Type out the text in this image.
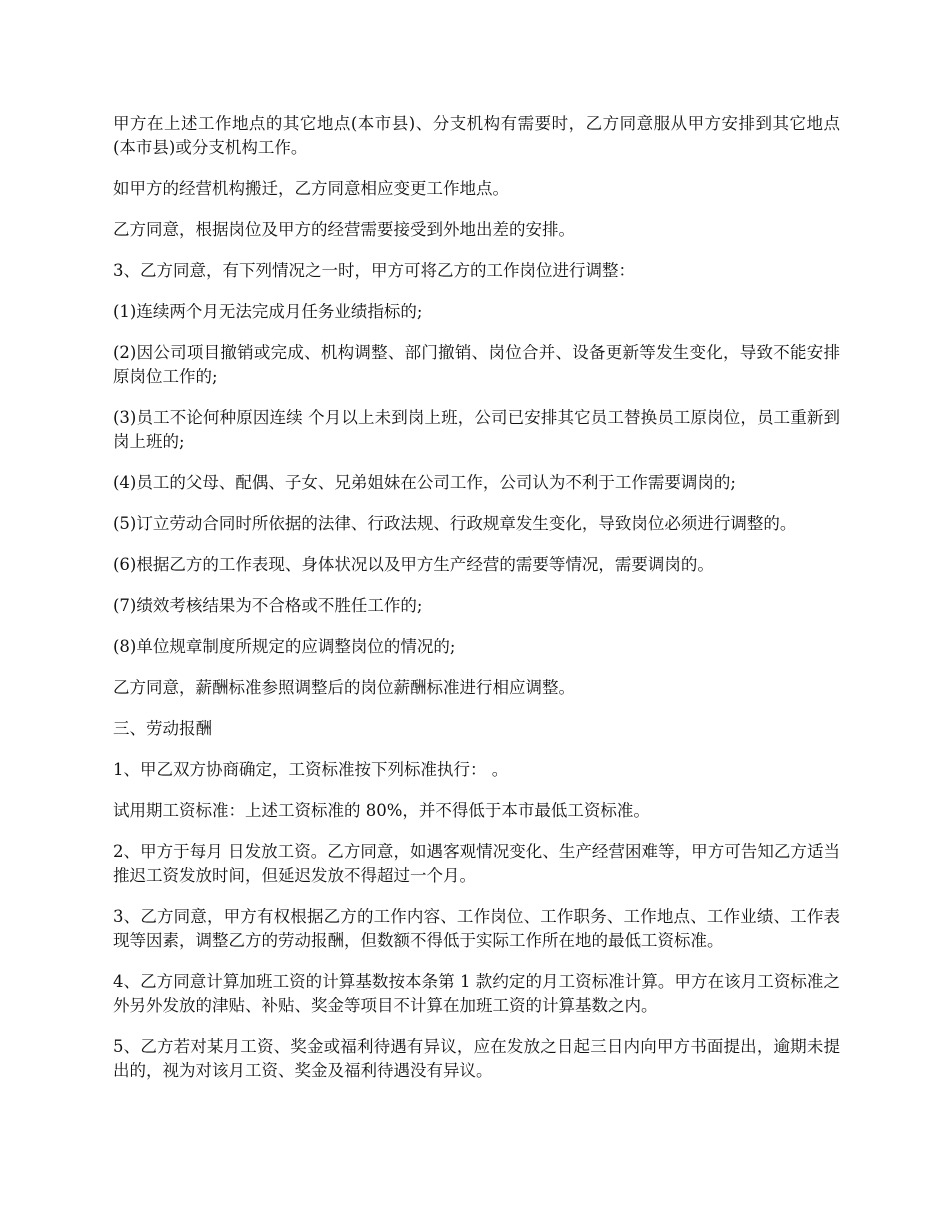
甲方在上述工作地点的其它地点(本市县)、分支机构有需要时，乙方同意服从甲方安排到其它地点(本市县)或分支机构工作。

如甲方的经营机构搬迁，乙方同意相应变更工作地点。

乙方同意，根据岗位及甲方的经营需要接受到外地出差的安排。

3、乙方同意，有下列情况之一时，甲方可将乙方的工作岗位进行调整：

(1)连续两个月无法完成月任务业绩指标的;

(2)因公司项目撤销或完成、机构调整、部门撤销、岗位合并、设备更新等发生变化，导致不能安排原岗位工作的;

(3)员工不论何种原因连续 个月以上未到岗上班，公司已安排其它员工替换员工原岗位，员工重新到岗上班的;

(4)员工的父母、配偶、子女、兄弟姐妹在公司工作，公司认为不利于工作需要调岗的;

(5)订立劳动合同时所依据的法律、行政法规、行政规章发生变化，导致岗位必须进行调整的。

(6)根据乙方的工作表现、身体状况以及甲方生产经营的需要等情况，需要调岗的。

(7)绩效考核结果为不合格或不胜任工作的;

(8)单位规章制度所规定的应调整岗位的情况的;

乙方同意，薪酬标准参照调整后的岗位薪酬标准进行相应调整。

三、劳动报酬

1、甲乙双方协商确定，工资标准按下列标准执行： 。

试用期工资标准：上述工资标准的 80%，并不得低于本市最低工资标准。

2、甲方于每月 日发放工资。乙方同意，如遇客观情况变化、生产经营困难等，甲方可告知乙方适当推迟工资发放时间，但延迟发放不得超过一个月。

3、乙方同意，甲方有权根据乙方的工作内容、工作岗位、工作职务、工作地点、工作业绩、工作表现等因素，调整乙方的劳动报酬，但数额不得低于实际工作所在地的最低工资标准。

4、乙方同意计算加班工资的计算基数按本条第 1 款约定的月工资标准计算。甲方在该月工资标准之外另外发放的津贴、补贴、奖金等项目不计算在加班工资的计算基数之内。

5、乙方若对某月工资、奖金或福利待遇有异议，应在发放之日起三日内向甲方书面提出，逾期未提出的，视为对该月工资、奖金及福利待遇没有异议。
